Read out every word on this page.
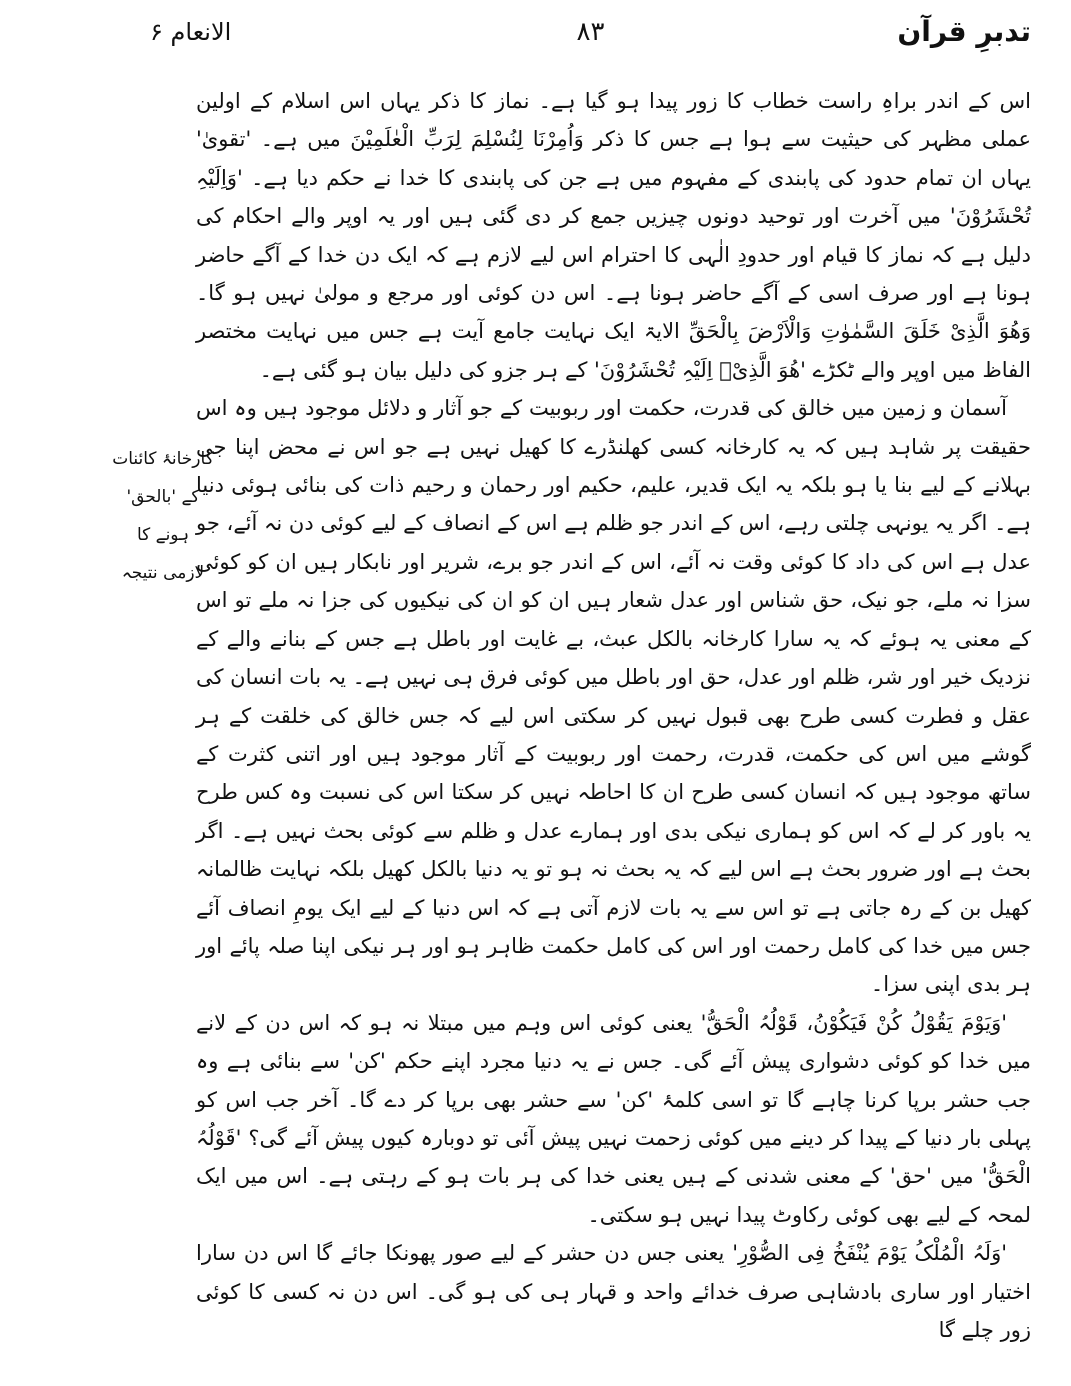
تدبرِ قرآن
۸۳
الانعام ۶
کارخانۂ کائنات
کے 'بالحق'
ہونے کا
لازمی نتیجہ

اس کے اندر براہِ راست خطاب کا زور پیدا ہو گیا ہے۔ نماز کا ذکر یہاں اس اسلام کے اولین عملی مظہر کی حیثیت سے ہوا ہے جس کا ذکر وَاُمِرْنَا لِنُسْلِمَ لِرَبِّ الْعٰلَمِیْنَ میں ہے۔ 'تقویٰ' یہاں ان تمام حدود کی پابندی کے مفہوم میں ہے جن کی پابندی کا خدا نے حکم دیا ہے۔ 'وَاِلَیْہِ تُحْشَرُوْنَ' میں آخرت اور توحید دونوں چیزیں جمع کر دی گئی ہیں اور یہ اوپر والے احکام کی دلیل ہے کہ نماز کا قیام اور حدودِ الٰہی کا احترام اس لیے لازم ہے کہ ایک دن خدا کے آگے حاضر ہونا ہے اور صرف اسی کے آگے حاضر ہونا ہے۔ اس دن کوئی اور مرجع و مولیٰ نہیں ہو گا۔ وَھُوَ الَّذِیْ خَلَقَ السَّمٰوٰتِ وَالْاَرْضَ بِالْحَقِّ الایۃ ایک نہایت جامع آیت ہے جس میں نہایت مختصر الفاظ میں اوپر والے ٹکڑے 'ھُوَ الَّذِیْۤ اِلَیْہِ تُحْشَرُوْنَ' کے ہر جزو کی دلیل بیان ہو گئی ہے۔

آسمان و زمین میں خالق کی قدرت، حکمت اور ربوبیت کے جو آثار و دلائل موجود ہیں وہ اس حقیقت پر شاہد ہیں کہ یہ کارخانہ کسی کھلنڈرے کا کھیل نہیں ہے جو اس نے محض اپنا جی بہلانے کے لیے بنا یا ہو بلکہ یہ ایک قدیر، علیم، حکیم اور رحمان و رحیم ذات کی بنائی ہوئی دنیا ہے۔ اگر یہ یونہی چلتی رہے، اس کے اندر جو ظلم ہے اس کے انصاف کے لیے کوئی دن نہ آئے، جو عدل ہے اس کی داد کا کوئی وقت نہ آئے، اس کے اندر جو برے، شریر اور نابکار ہیں ان کو کوئی سزا نہ ملے، جو نیک، حق شناس اور عدل شعار ہیں ان کو ان کی نیکیوں کی جزا نہ ملے تو اس کے معنی یہ ہوئے کہ یہ سارا کارخانہ بالکل عبث، بے غایت اور باطل ہے جس کے بنانے والے کے نزدیک خیر اور شر، ظلم اور عدل، حق اور باطل میں کوئی فرق ہی نہیں ہے۔ یہ بات انسان کی عقل و فطرت کسی طرح بھی قبول نہیں کر سکتی اس لیے کہ جس خالق کی خلقت کے ہر گوشے میں اس کی حکمت، قدرت، رحمت اور ربوبیت کے آثار موجود ہیں اور اتنی کثرت کے ساتھ موجود ہیں کہ انسان کسی طرح ان کا احاطہ نہیں کر سکتا اس کی نسبت وہ کس طرح یہ باور کر لے کہ اس کو ہماری نیکی بدی اور ہمارے عدل و ظلم سے کوئی بحث نہیں ہے۔ اگر بحث ہے اور ضرور بحث ہے اس لیے کہ یہ بحث نہ ہو تو یہ دنیا بالکل کھیل بلکہ نہایت ظالمانہ کھیل بن کے رہ جاتی ہے تو اس سے یہ بات لازم آتی ہے کہ اس دنیا کے لیے ایک یومِ انصاف آئے جس میں خدا کی کامل رحمت اور اس کی کامل حکمت ظاہر ہو اور ہر نیکی اپنا صلہ پائے اور ہر بدی اپنی سزا۔

'وَیَوْمَ یَقُوْلُ کُنْ فَیَکُوْنُ، قَوْلُہُ الْحَقُّ' یعنی کوئی اس وہم میں مبتلا نہ ہو کہ اس دن کے لانے میں خدا کو کوئی دشواری پیش آئے گی۔ جس نے یہ دنیا مجرد اپنے حکم 'کن' سے بنائی ہے وہ جب حشر برپا کرنا چاہے گا تو اسی کلمۂ 'کن' سے حشر بھی برپا کر دے گا۔ آخر جب اس کو پہلی بار دنیا کے پیدا کر دینے میں کوئی زحمت نہیں پیش آئی تو دوبارہ کیوں پیش آئے گی؟ 'قَوْلُہُ الْحَقُّ' میں 'حق' کے معنی شدنی کے ہیں یعنی خدا کی ہر بات ہو کے رہتی ہے۔ اس میں ایک لمحہ کے لیے بھی کوئی رکاوٹ پیدا نہیں ہو سکتی۔

'وَلَہُ الْمُلْکُ یَوْمَ یُنْفَخُ فِی الصُّوْرِ' یعنی جس دن حشر کے لیے صور پھونکا جائے گا اس دن سارا اختیار اور ساری بادشاہی صرف خدائے واحد و قہار ہی کی ہو گی۔ اس دن نہ کسی کا کوئی زور چلے گا
